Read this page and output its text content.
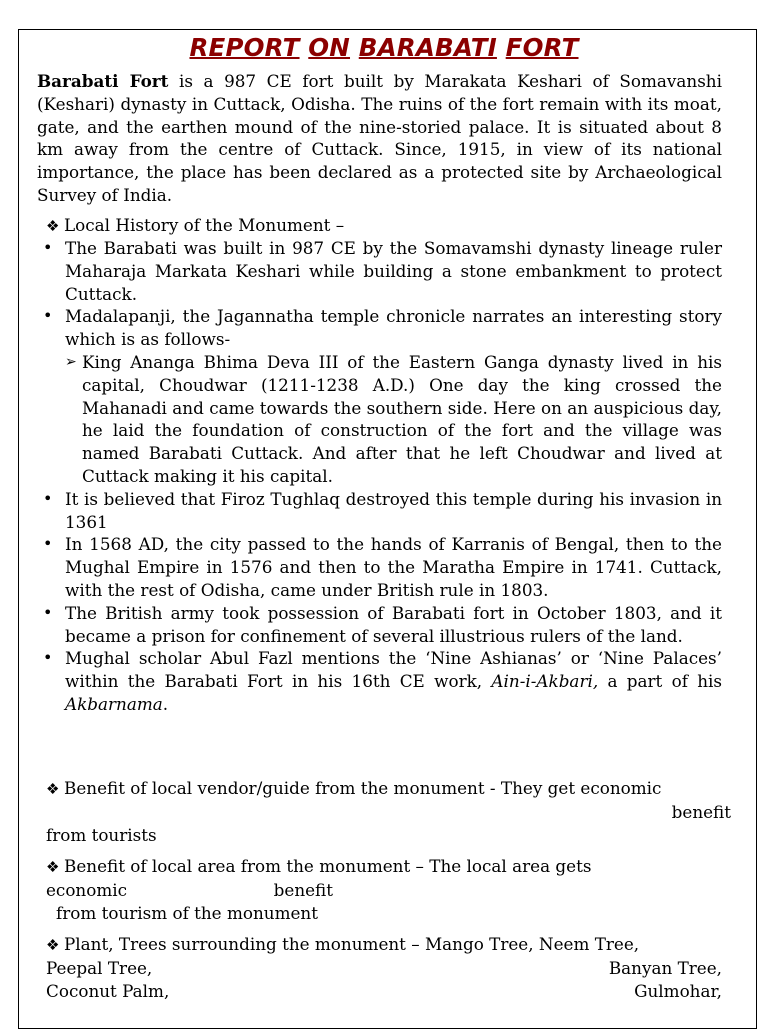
REPORT ON BARABATI FORT
Barabati Fort is a 987 CE fort built by Marakata Keshari of Somavanshi (Keshari) dynasty in Cuttack, Odisha. The ruins of the fort remain with its moat, gate, and the earthen mound of the nine-storied palace. It is situated about 8 km away from the centre of Cuttack. Since, 1915, in view of its national importance, the place has been declared as a protected site by Archaeological Survey of India.
❖ Local History of the Monument –
• The Barabati was built in 987 CE by the Somavamshi dynasty lineage ruler Maharaja Markata Keshari while building a stone embankment to protect Cuttack.
• Madalapanji, the Jagannatha temple chronicle narrates an interesting story which is as follows-
➢ King Ananga Bhima Deva III of the Eastern Ganga dynasty lived in his capital, Choudwar (1211-1238 A.D.) One day the king crossed the Mahanadi and came towards the southern side. Here on an auspicious day, he laid the foundation of construction of the fort and the village was named Barabati Cuttack. And after that he left Choudwar and lived at Cuttack making it his capital.
• It is believed that Firoz Tughlaq destroyed this temple during his invasion in 1361
• In 1568 AD, the city passed to the hands of Karranis of Bengal, then to the Mughal Empire in 1576 and then to the Maratha Empire in 1741. Cuttack, with the rest of Odisha, came under British rule in 1803.
• The British army took possession of Barabati fort in October 1803, and it became a prison for confinement of several illustrious rulers of the land.
• Mughal scholar Abul Fazl mentions the ‘Nine Ashianas’ or ‘Nine Palaces’ within the Barabati Fort in his 16th CE work, Ain-i-Akbari, a part of his Akbarnama.
❖ Benefit of local vendor/guide from the monument - They get economic
benefit
from tourists
❖ Benefit of local area from the monument – The local area gets
economic	benefit
from tourism of the monument
❖ Plant, Trees surrounding the monument – Mango Tree, Neem Tree,
Peepal Tree,	Banyan Tree,
Coconut Palm,	Gulmohar,
